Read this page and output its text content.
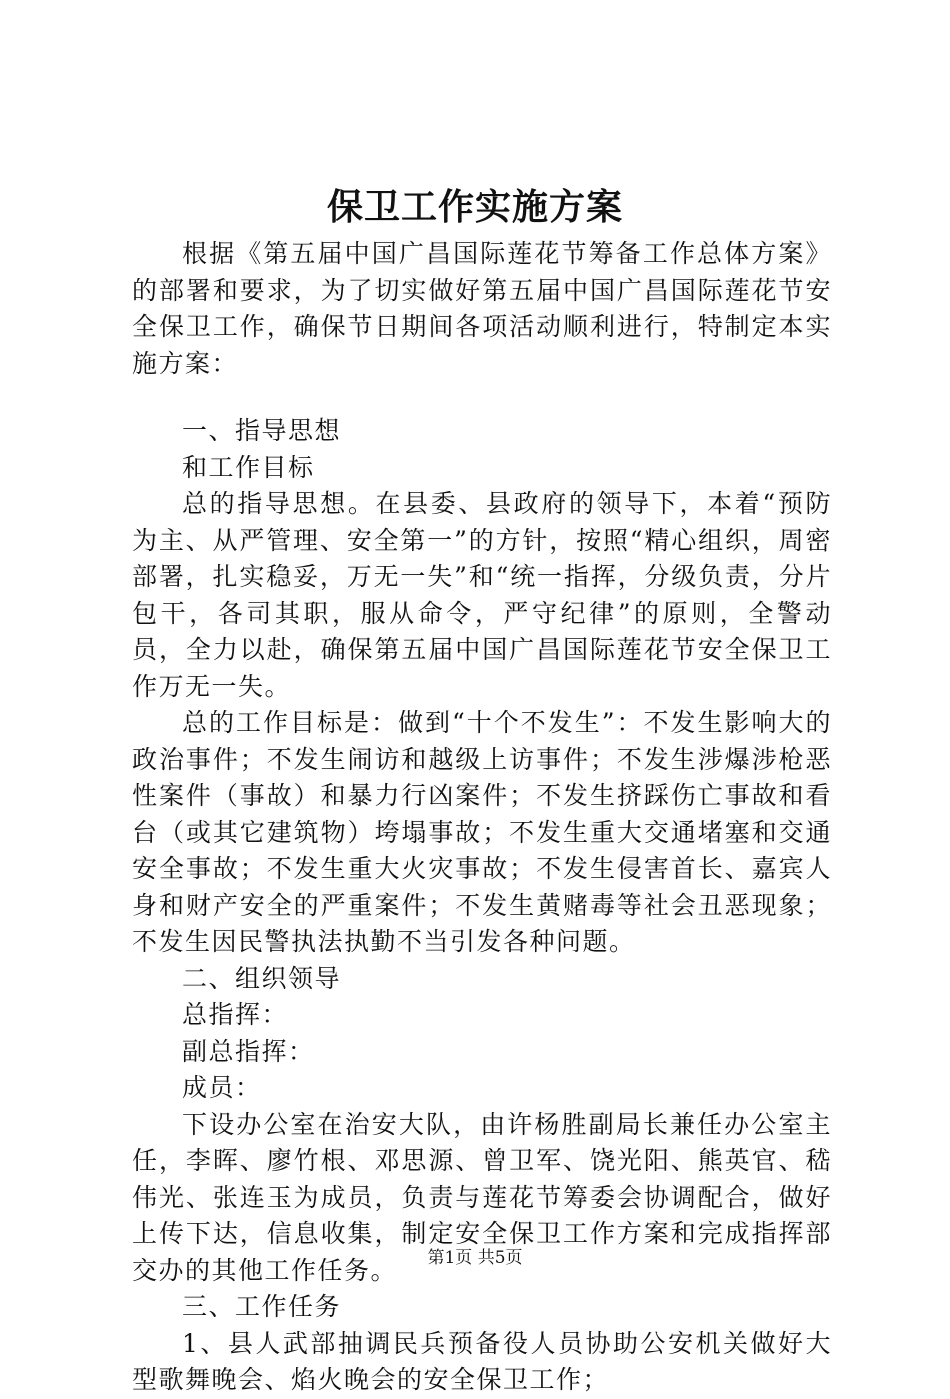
保卫工作实施方案

根据《第五届中国广昌国际莲花节筹备工作总体方案》的部署和要求，为了切实做好第五届中国广昌国际莲花节安全保卫工作，确保节日期间各项活动顺利进行，特制定本实施方案：

一、指导思想

和工作目标

总的指导思想。在县委、县政府的领导下，本着“预防为主、从严管理、安全第一”的方针，按照“精心组织，周密部署，扎实稳妥，万无一失”和“统一指挥，分级负责，分片包干，各司其职，服从命令，严守纪律”的原则，全警动员，全力以赴，确保第五届中国广昌国际莲花节安全保卫工作万无一失。

总的工作目标是：做到“十个不发生”：不发生影响大的政治事件；不发生闹访和越级上访事件；不发生涉爆涉枪恶性案件（事故）和暴力行凶案件；不发生挤踩伤亡事故和看台（或其它建筑物）垮塌事故；不发生重大交通堵塞和交通安全事故；不发生重大火灾事故；不发生侵害首长、嘉宾人身和财产安全的严重案件；不发生黄赌毒等社会丑恶现象；不发生因民警执法执勤不当引发各种问题。

二、组织领导

总指挥：

副总指挥：

成员：

下设办公室在治安大队，由许杨胜副局长兼任办公室主任，李晖、廖竹根、邓思源、曾卫军、饶光阳、熊英官、嵇伟光、张连玉为成员，负责与莲花节筹委会协调配合，做好上传下达，信息收集，制定安全保卫工作方案和完成指挥部交办的其他工作任务。

三、工作任务

1、县人武部抽调民兵预备役人员协助公安机关做好大型歌舞晚会、焰火晚会的安全保卫工作；

第1页 共5页
